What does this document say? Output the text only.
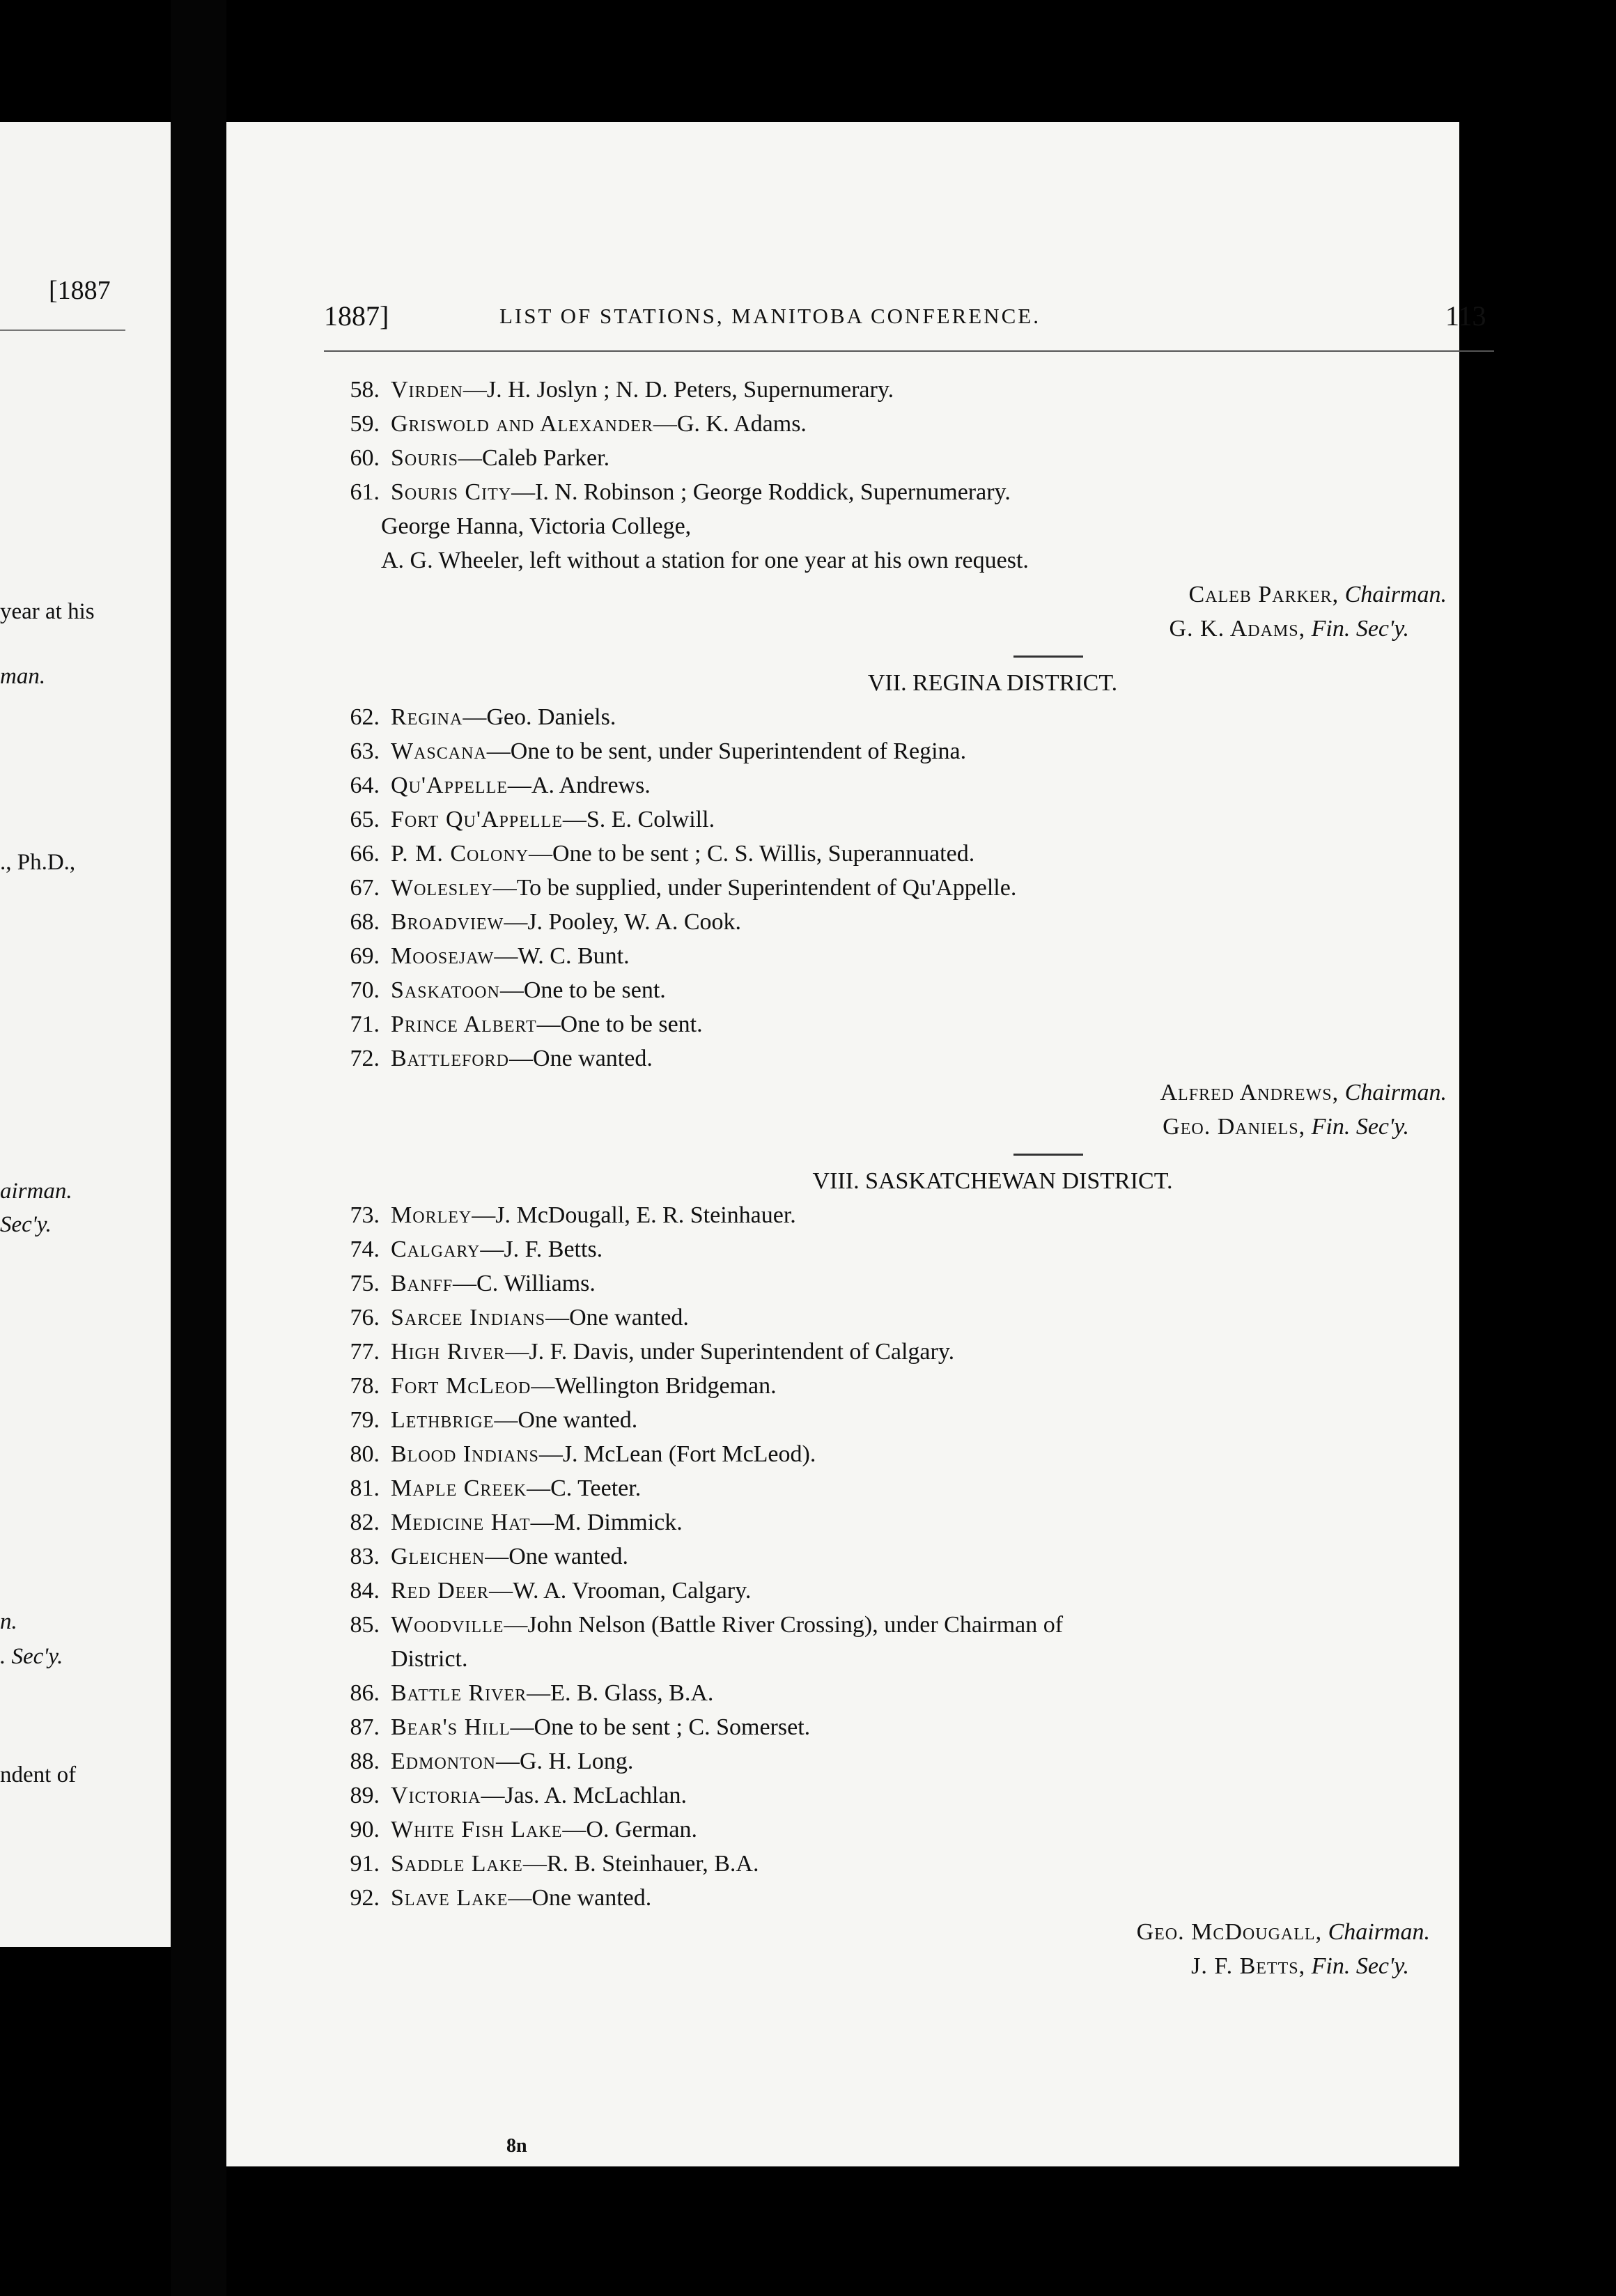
[1887
year at his
man.
., Ph.D.,
airman.
Sec'y.
n.
. Sec'y.
ndent of
1887]	LIST OF STATIONS, MANITOBA CONFERENCE.	113
58. Virden—J. H. Joslyn ; N. D. Peters, Supernumerary.
59. Griswold and Alexander—G. K. Adams.
60. Souris—Caleb Parker.
61. Souris City—I. N. Robinson ; George Roddick, Supernumerary.
George Hanna, Victoria College,
A. G. Wheeler, left without a station for one year at his own request.
Caleb Parker, Chairman.
G. K. Adams, Fin. Sec'y.
VII. REGINA DISTRICT.
62. Regina—Geo. Daniels.
63. Wascana—One to be sent, under Superintendent of Regina.
64. Qu'Appelle—A. Andrews.
65. Fort Qu'Appelle—S. E. Colwill.
66. P. M. Colony—One to be sent ; C. S. Willis, Superannuated.
67. Wolesley—To be supplied, under Superintendent of Qu'Appelle.
68. Broadview—J. Pooley, W. A. Cook.
69. Moosejaw—W. C. Bunt.
70. Saskatoon—One to be sent.
71. Prince Albert—One to be sent.
72. Battleford—One wanted.
Alfred Andrews, Chairman.
Geo. Daniels, Fin. Sec'y.
VIII. SASKATCHEWAN DISTRICT.
73. Morley—J. McDougall, E. R. Steinhauer.
74. Calgary—J. F. Betts.
75. Banff—C. Williams.
76. Sarcee Indians—One wanted.
77. High River—J. F. Davis, under Superintendent of Calgary.
78. Fort McLeod—Wellington Bridgeman.
79. Lethbrige—One wanted.
80. Blood Indians—J. McLean (Fort McLeod).
81. Maple Creek—C. Teeter.
82. Medicine Hat—M. Dimmick.
83. Gleichen—One wanted.
84. Red Deer—W. A. Vrooman, Calgary.
85. Woodville—John Nelson (Battle River Crossing), under Chairman of
District.
86. Battle River—E. B. Glass, B.A.
87. Bear's Hill—One to be sent ; C. Somerset.
88. Edmonton—G. H. Long.
89. Victoria—Jas. A. McLachlan.
90. White Fish Lake—O. German.
91. Saddle Lake—R. B. Steinhauer, B.A.
92. Slave Lake—One wanted.
Geo. McDougall, Chairman.
J. F. Betts, Fin. Sec'y.
8n
